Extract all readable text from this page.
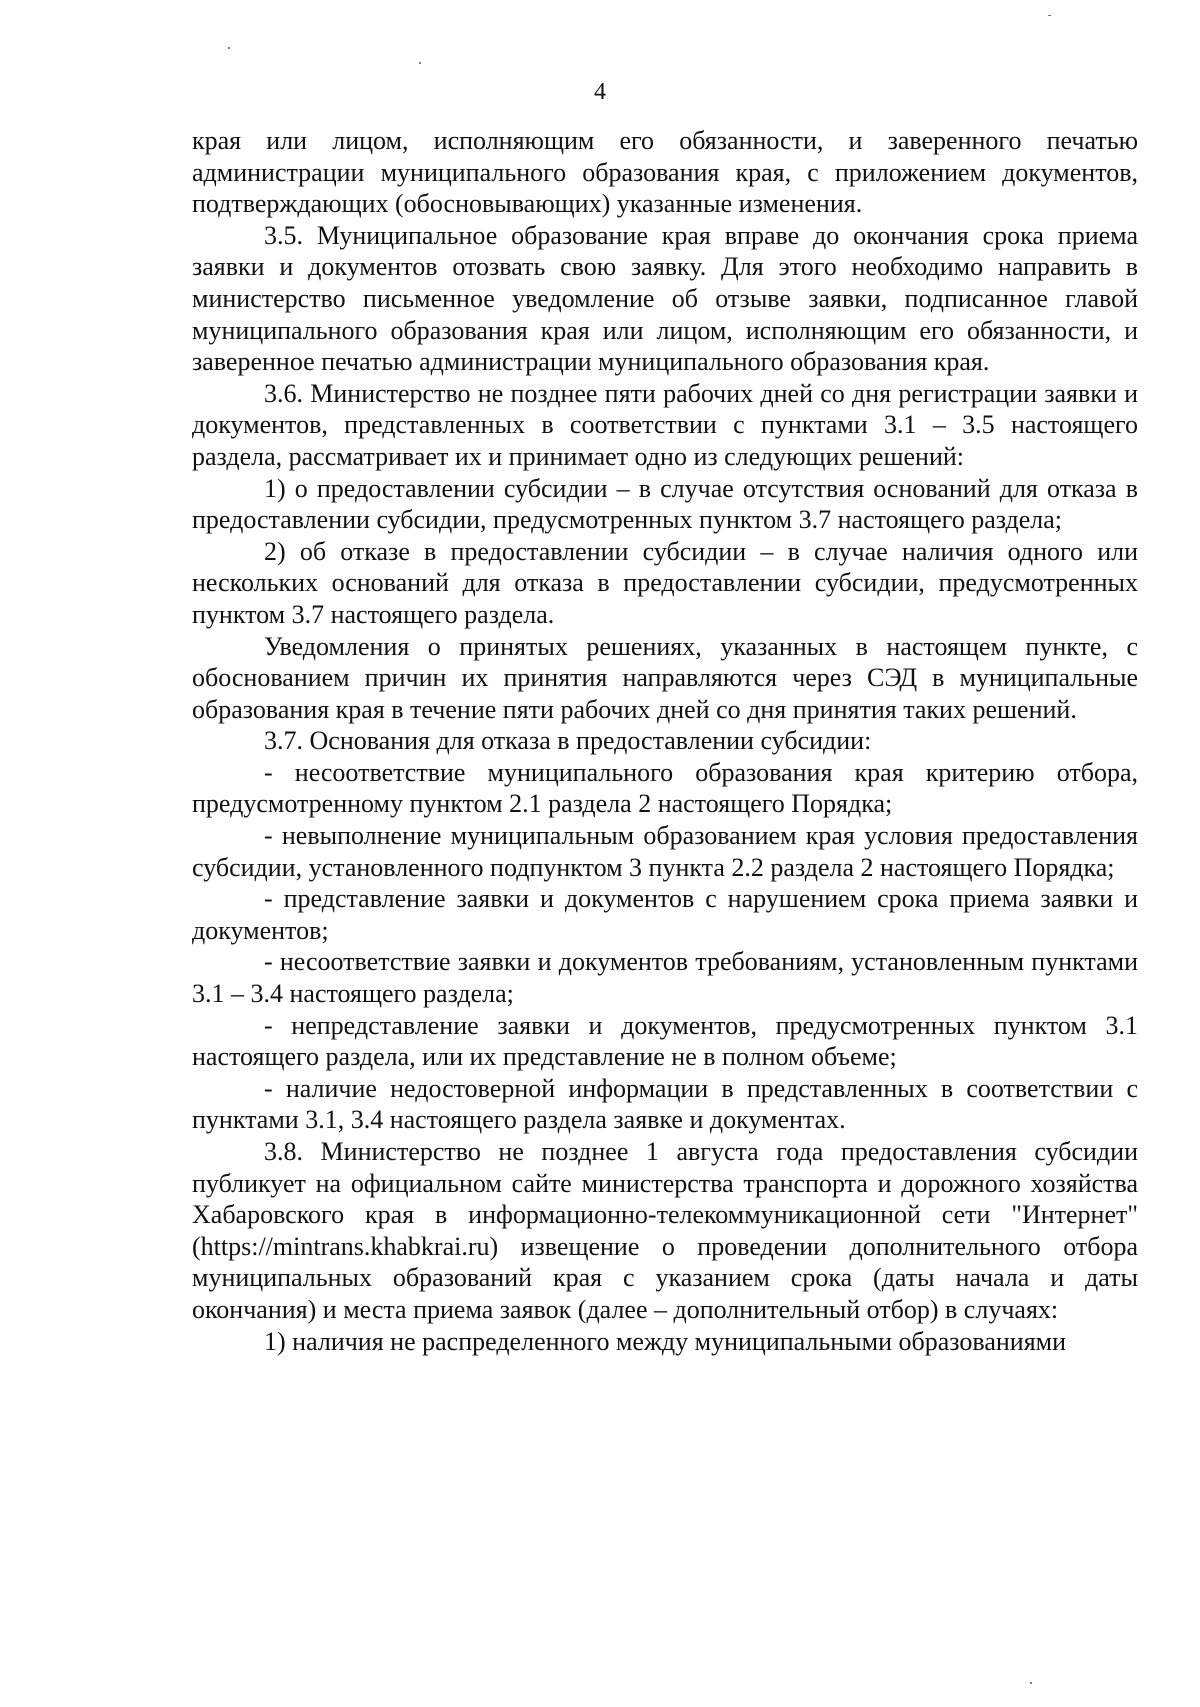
4

края или лицом, исполняющим его обязанности, и заверенного печатью администрации муниципального образования края, с приложением документов, подтверждающих (обосновывающих) указанные изменения.

3.5. Муниципальное образование края вправе до окончания срока приема заявки и документов отозвать свою заявку. Для этого необходимо направить в министерство письменное уведомление об отзыве заявки, подписанное главой муниципального образования края или лицом, исполняющим его обязанности, и заверенное печатью администрации муниципального образования края.

3.6. Министерство не позднее пяти рабочих дней со дня регистрации заявки и документов, представленных в соответствии с пунктами 3.1 – 3.5 настоящего раздела, рассматривает их и принимает одно из следующих решений:

1) о предоставлении субсидии – в случае отсутствия оснований для отказа в предоставлении субсидии, предусмотренных пунктом 3.7 настоящего раздела;

2) об отказе в предоставлении субсидии – в случае наличия одного или нескольких оснований для отказа в предоставлении субсидии, предусмотренных пунктом 3.7 настоящего раздела.

Уведомления о принятых решениях, указанных в настоящем пункте, с обоснованием причин их принятия направляются через СЭД в муниципальные образования края в течение пяти рабочих дней со дня принятия таких решений.

3.7. Основания для отказа в предоставлении субсидии:

- несоответствие муниципального образования края критерию отбора, предусмотренному пунктом 2.1 раздела 2 настоящего Порядка;

- невыполнение муниципальным образованием края условия предоставления субсидии, установленного подпунктом 3 пункта 2.2 раздела 2 настоящего Порядка;

- представление заявки и документов с нарушением срока приема заявки и документов;

- несоответствие заявки и документов требованиям, установленным пунктами 3.1 – 3.4 настоящего раздела;

- непредставление заявки и документов, предусмотренных пунктом 3.1 настоящего раздела, или их представление не в полном объеме;

- наличие недостоверной информации в представленных в соответствии с пунктами 3.1, 3.4 настоящего раздела заявке и документах.

3.8. Министерство не позднее 1 августа года предоставления субсидии публикует на официальном сайте министерства транспорта и дорожного хозяйства Хабаровского края в информационно-телекоммуникационной сети "Интернет" (https://mintrans.khabkrai.ru) извещение о проведении дополнительного отбора муниципальных образований края с указанием срока (даты начала и даты окончания) и места приема заявок (далее – дополнительный отбор) в случаях:

1) наличия не распределенного между муниципальными образованиями
